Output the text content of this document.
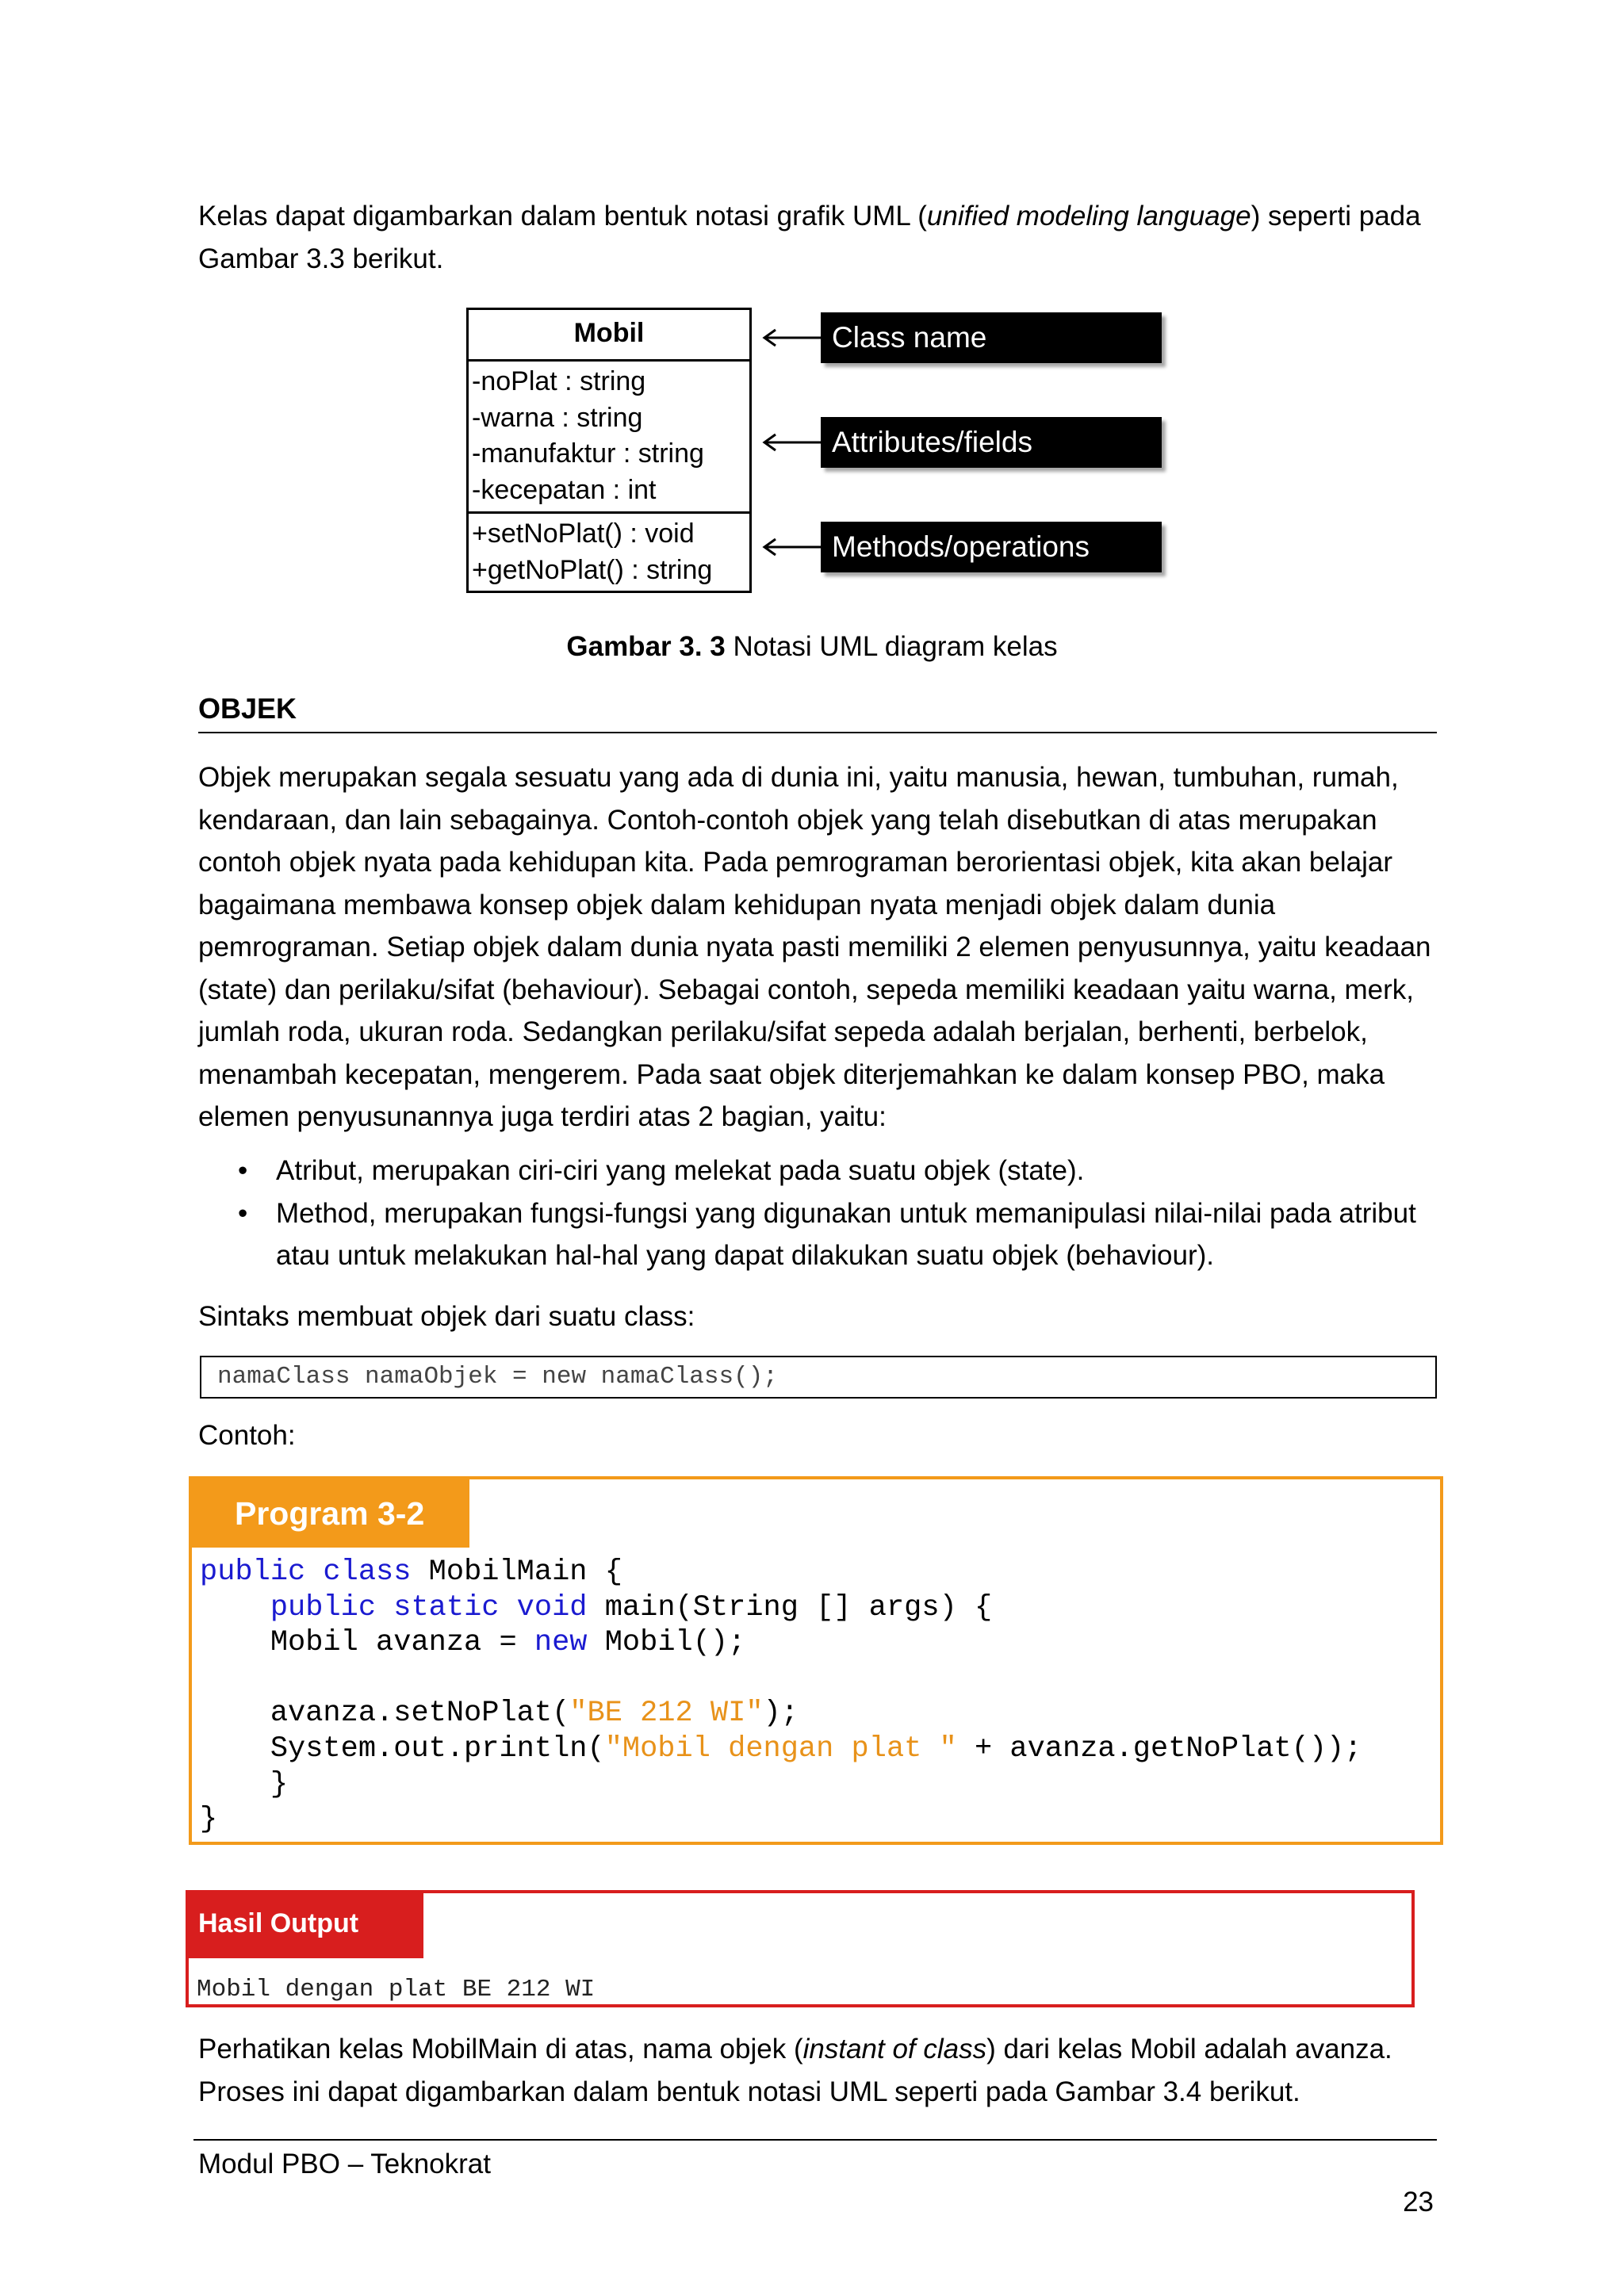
Kelas dapat digambarkan dalam bentuk notasi grafik UML (unified modeling language) seperti pada
Gambar 3.3 berikut.

Mobil
-noPlat : string
-warna : string
-manufaktur : string
-kecepatan : int
+setNoPlat() : void
+getNoPlat() : string
Class name
Attributes/fields
Methods/operations
Gambar 3. 3 Notasi UML diagram kelas
OBJEK

Objek merupakan segala sesuatu yang ada di dunia ini, yaitu manusia, hewan, tumbuhan, rumah,
kendaraan, dan lain sebagainya. Contoh-contoh objek yang telah disebutkan di atas merupakan
contoh objek nyata pada kehidupan kita. Pada pemrograman berorientasi objek, kita akan belajar
bagaimana membawa konsep objek dalam kehidupan nyata menjadi objek dalam dunia
pemrograman. Setiap objek dalam dunia nyata pasti memiliki 2 elemen penyusunnya, yaitu keadaan
(state) dan perilaku/sifat (behaviour). Sebagai contoh, sepeda memiliki keadaan yaitu warna, merk,
jumlah roda, ukuran roda. Sedangkan perilaku/sifat sepeda adalah berjalan, berhenti, berbelok,
menambah kecepatan, mengerem. Pada saat objek diterjemahkan ke dalam konsep PBO, maka
elemen penyusunannya juga terdiri atas 2 bagian, yaitu:

• Atribut, merupakan ciri-ciri yang melekat pada suatu objek (state).
• Method, merupakan fungsi-fungsi yang digunakan untuk memanipulasi nilai-nilai pada atribut
atau untuk melakukan hal-hal yang dapat dilakukan suatu objek (behaviour).
Sintaks membuat objek dari suatu class:
namaClass namaObjek = new namaClass();
Contoh:
Program 3-2
public class MobilMain {
public static void main(String [] args) {
Mobil avanza = new Mobil();

avanza.setNoPlat("BE 212 WI");
System.out.println("Mobil dengan plat " + avanza.getNoPlat());
}
}
Hasil Output
Mobil dengan plat BE 212 WI

Perhatikan kelas MobilMain di atas, nama objek (instant of class) dari kelas Mobil adalah avanza.
Proses ini dapat digambarkan dalam bentuk notasi UML seperti pada Gambar 3.4 berikut.

Modul PBO – Teknokrat
23
